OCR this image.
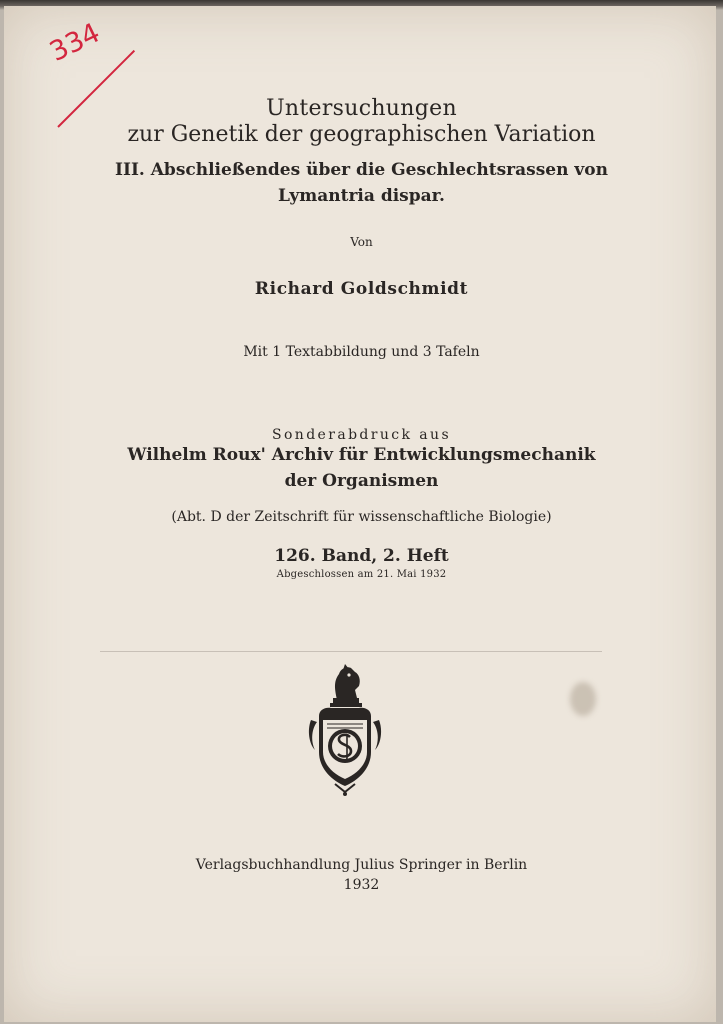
334
Untersuchungen
zur Genetik der geographischen Variation
III. Abschließendes über die Geschlechtsrassen von
Lymantria dispar.
Von
Richard Goldschmidt
Mit 1 Textabbildung und 3 Tafeln
Sonderabdruck aus
Wilhelm Roux' Archiv für Entwicklungsmechanik
der Organismen
(Abt. D der Zeitschrift für wissenschaftliche Biologie)
126. Band, 2. Heft
Abgeschlossen am 21. Mai 1932
Verlagsbuchhandlung Julius Springer in Berlin
1932
